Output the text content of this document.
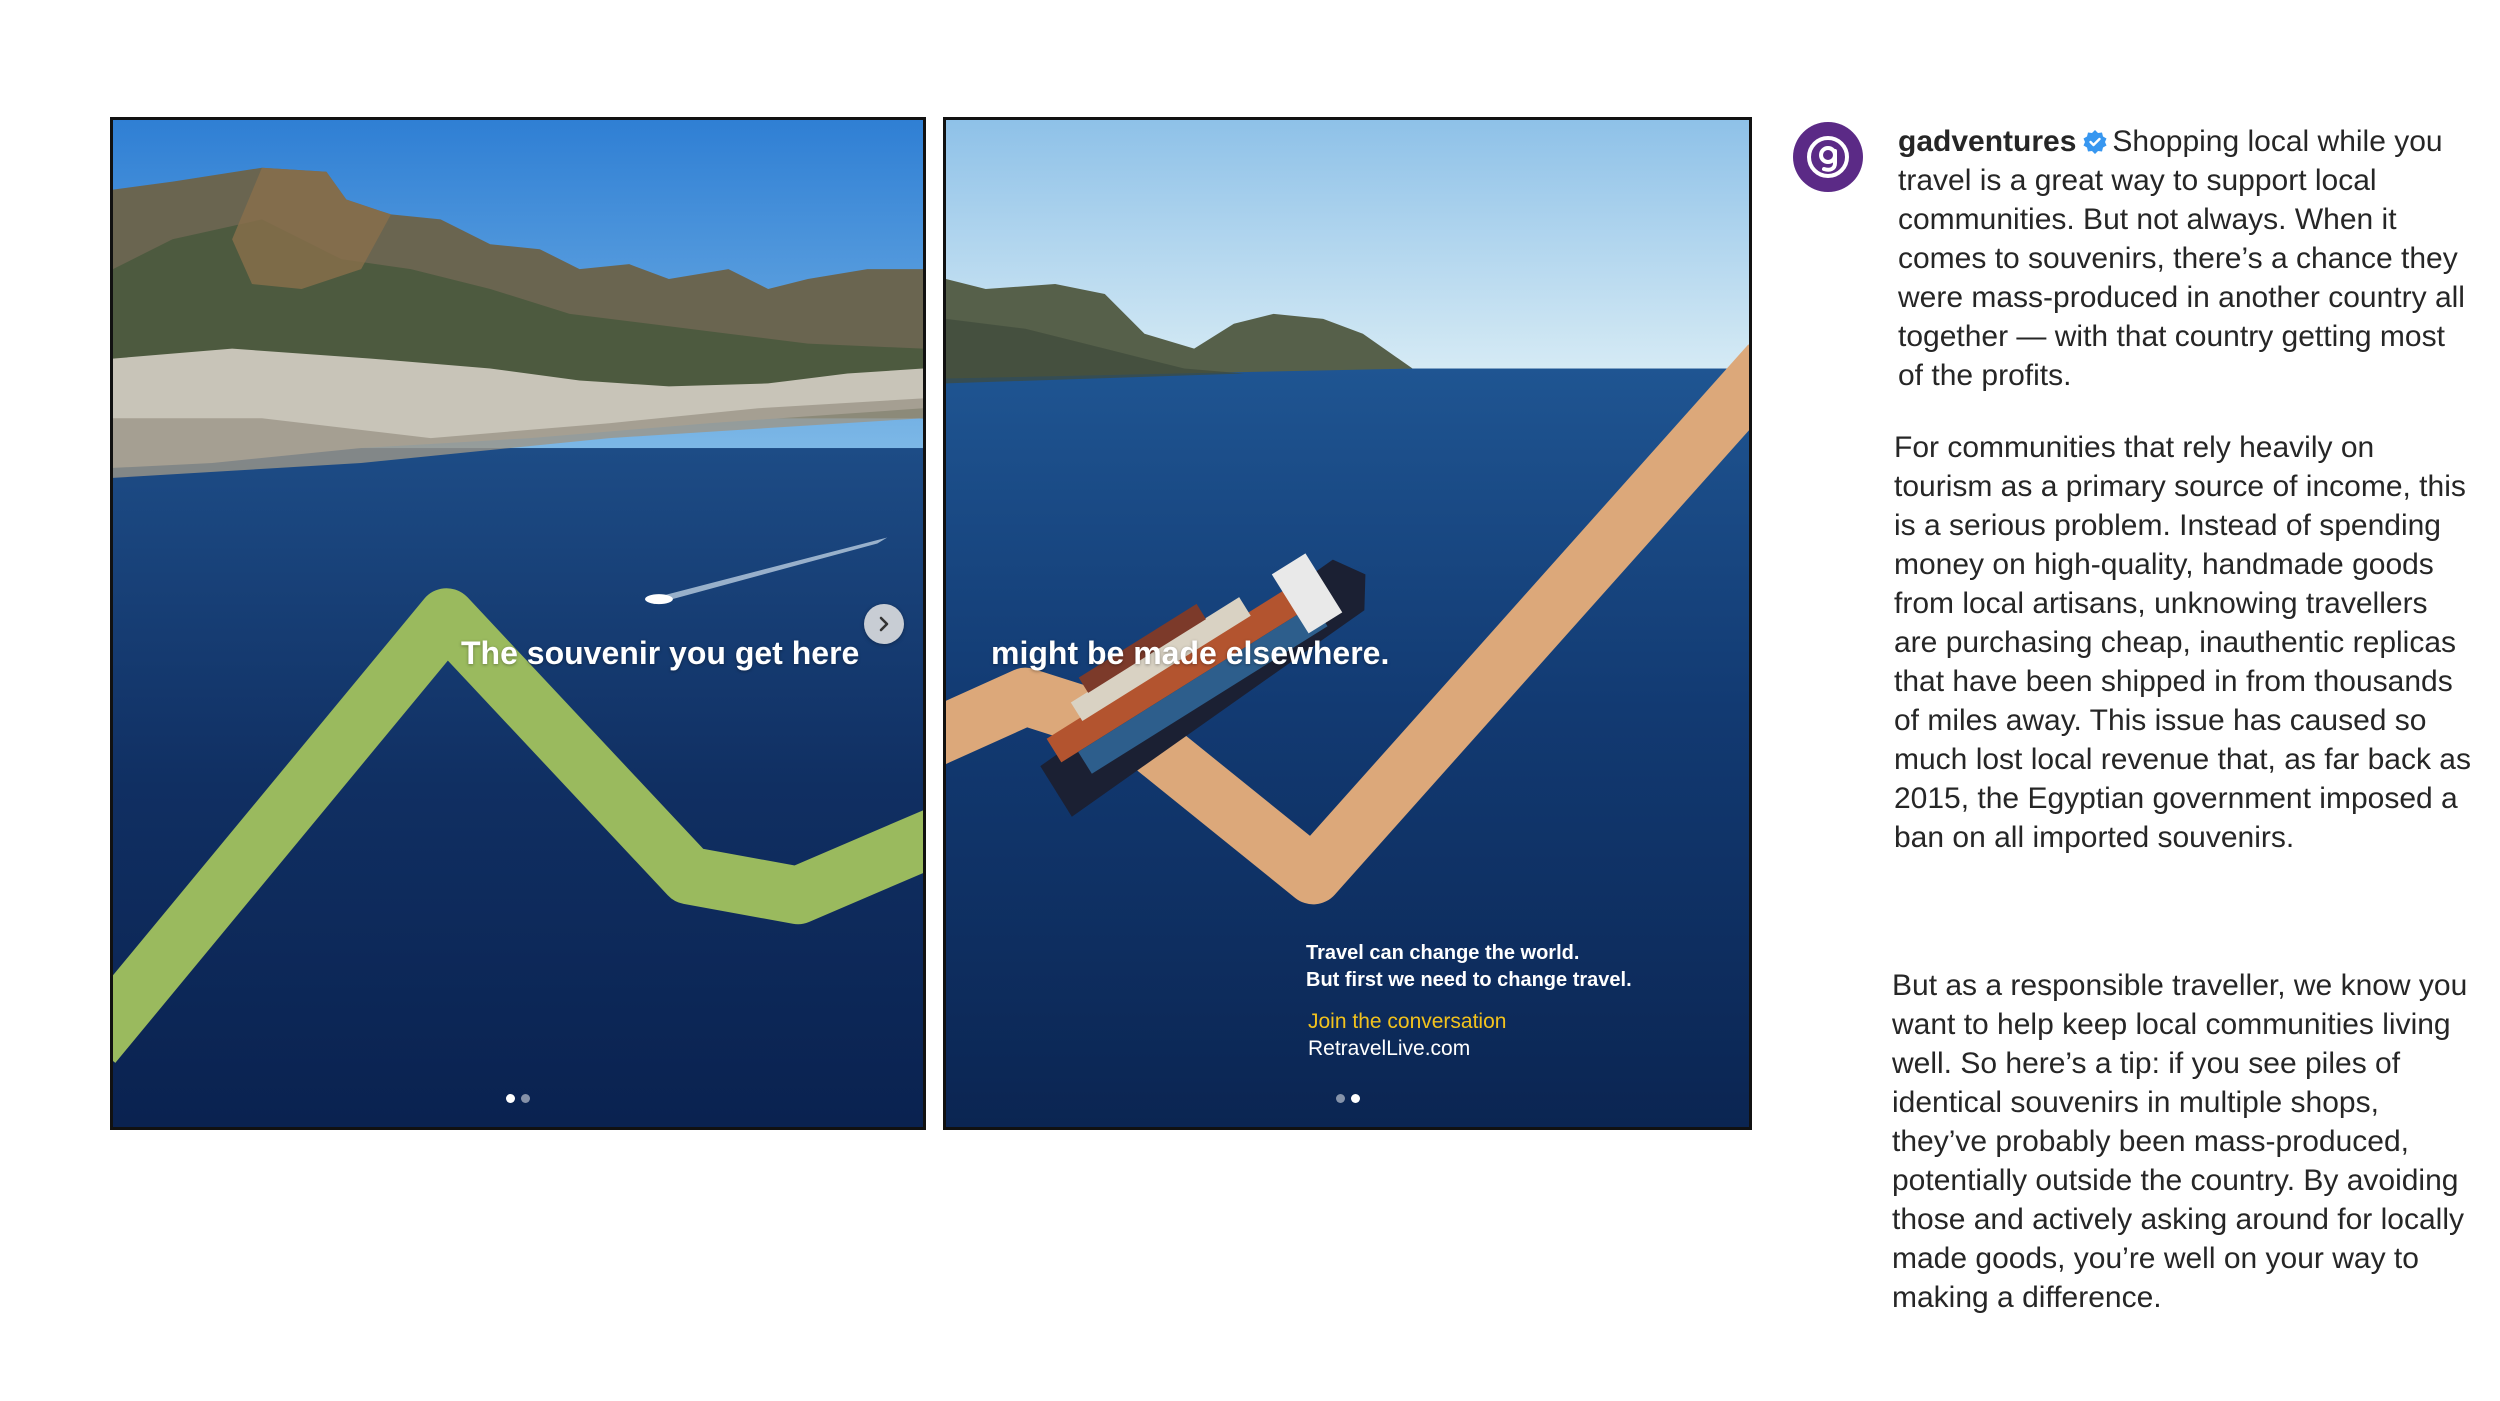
The souvenir you get here	might be made elsewhere.
Travel can change the world.
But first we need to change travel.
Join the conversation
RetravelLive.com
gadventures Shopping local while you travel is a great way to support local communities. But not always. When it comes to souvenirs, there’s a chance they were mass-produced in another country all together — with that country getting most of the profits.
For communities that rely heavily on tourism as a primary source of income, this is a serious problem. Instead of spending money on high-quality, handmade goods from local artisans, unknowing travellers are purchasing cheap, inauthentic replicas that have been shipped in from thousands of miles away. This issue has caused so much lost local revenue that, as far back as 2015, the Egyptian government imposed a ban on all imported souvenirs.
But as a responsible traveller, we know you want to help keep local communities living well. So here’s a tip: if you see piles of identical souvenirs in multiple shops, they’ve probably been mass-produced, potentially outside the country. By avoiding those and actively asking around for locally made goods, you’re well on your way to making a difference.
